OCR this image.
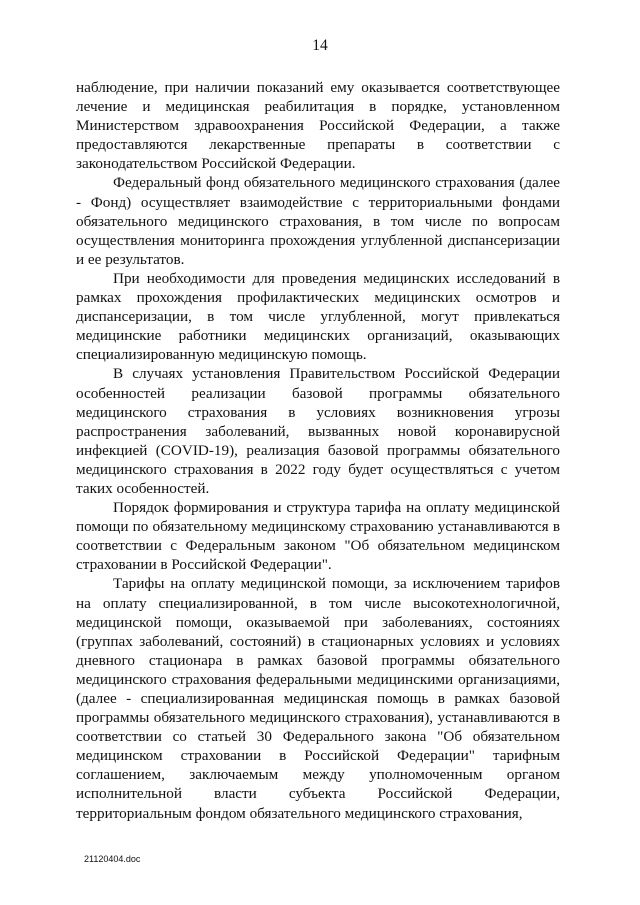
14

наблюдение, при наличии показаний ему оказывается соответствующее лечение и медицинская реабилитация в порядке, установленном Министерством здравоохранения Российской Федерации, а также предоставляются лекарственные препараты в соответствии с законодательством Российской Федерации.

Федеральный фонд обязательного медицинского страхования (далее - Фонд) осуществляет взаимодействие с территориальными фондами обязательного медицинского страхования, в том числе по вопросам осуществления мониторинга прохождения углубленной диспансеризации и ее результатов.

При необходимости для проведения медицинских исследований в рамках прохождения профилактических медицинских осмотров и диспансеризации, в том числе углубленной, могут привлекаться медицинские работники медицинских организаций, оказывающих специализированную медицинскую помощь.

В случаях установления Правительством Российской Федерации особенностей реализации базовой программы обязательного медицинского страхования в условиях возникновения угрозы распространения заболеваний, вызванных новой коронавирусной инфекцией (COVID-19), реализация базовой программы обязательного медицинского страхования в 2022 году будет осуществляться с учетом таких особенностей.

Порядок формирования и структура тарифа на оплату медицинской помощи по обязательному медицинскому страхованию устанавливаются в соответствии с Федеральным законом "Об обязательном медицинском страховании в Российской Федерации".

Тарифы на оплату медицинской помощи, за исключением тарифов на оплату специализированной, в том числе высокотехнологичной, медицинской помощи, оказываемой при заболеваниях, состояниях (группах заболеваний, состояний) в стационарных условиях и условиях дневного стационара в рамках базовой программы обязательного медицинского страхования федеральными медицинскими организациями, (далее - специализированная медицинская помощь в рамках базовой программы обязательного медицинского страхования), устанавливаются в соответствии со статьей 30 Федерального закона "Об обязательном медицинском страховании в Российской Федерации" тарифным соглашением, заключаемым между уполномоченным органом исполнительной власти субъекта Российской Федерации, территориальным фондом обязательного медицинского страхования,

21120404.doc
